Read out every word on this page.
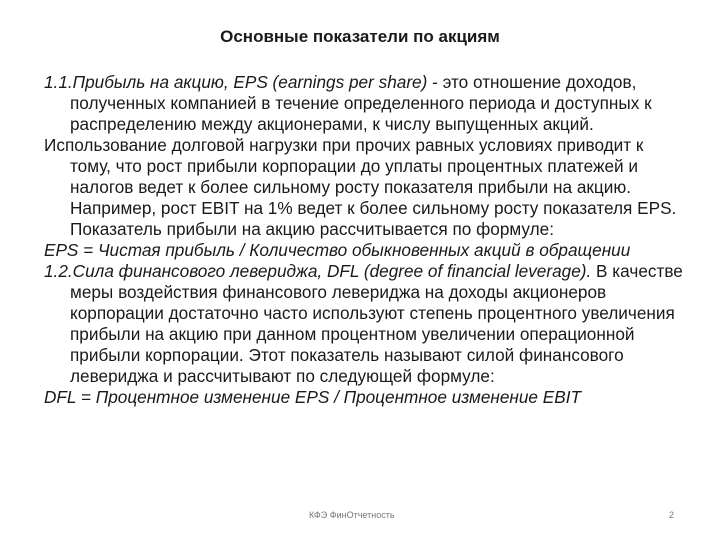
Основные показатели по акциям

1.1.Прибыль на акцию, EPS (earnings per share) - это отношение доходов, полученных компанией в течение определенного периода и доступных к распределению между акционерами, к числу выпущенных акций.

Использование долговой нагрузки при прочих равных условиях приводит к тому, что рост прибыли корпорации до уплаты процентных платежей и налогов ведет к более сильному росту показателя прибыли на акцию. Например, рост EBIT на 1% ведет к более сильному росту показателя EPS. Показатель прибыли на акцию рассчитывается по формуле:

EPS = Чистая прибыль / Количество обыкновенных акций в обращении

1.2.Сила финансового левериджа, DFL (degree of financial leverage). В качестве меры воздействия финансового левериджа на доходы акционеров корпорации достаточно часто используют степень процентного увеличения прибыли на акцию при данном процентном увеличении операционной прибыли корпорации. Этот показатель называют силой финансового левериджа и рассчитывают по следующей формуле:

DFL = Процентное изменение EPS / Процентное изменение EBIT

КФЭ ФинОтчетность	2
